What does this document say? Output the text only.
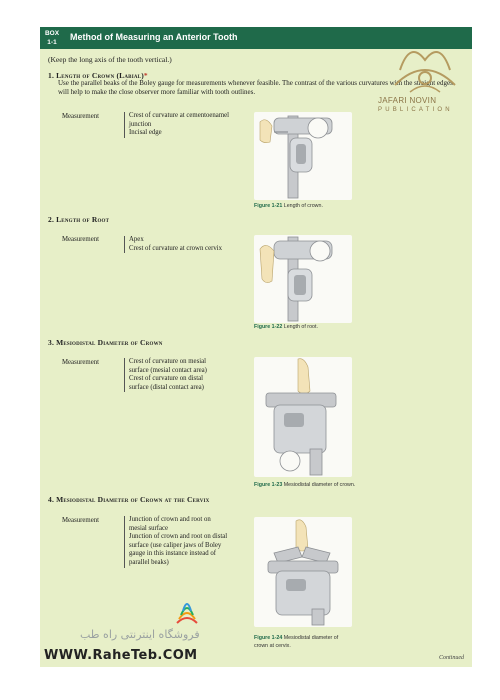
BOX
1-1
Method of Measuring an Anterior Tooth
(Keep the long axis of the tooth vertical.)
1. Length of Crown (Labial)*
Use the parallel beaks of the Boley gauge for measurements whenever feasible. The contrast of the various curvatures with the straight edges will help to make the close observer more familiar with tooth outlines.
Measurement	Crest of curvature at cementoenamel
junction
Incisal edge
Figure 1-21 Length of crown.
2. Length of Root
Measurement	Apex
Crest of curvature at crown cervix
Figure 1-22 Length of root.
3. Mesiodistal Diameter of Crown
Measurement	Crest of curvature on mesial
surface (mesial contact area)
Crest of curvature on distal
surface (distal contact area)
Figure 1-23 Mesiodistal diameter of crown.
4. Mesiodistal Diameter of Crown at the Cervix
Measurement	Junction of crown and root on
mesial surface
Junction of crown and root on distal
surface (use caliper jaws of Boley
gauge in this instance instead of
parallel beaks)
Figure 1-24 Mesiodistal diameter of
crown at cervix.
Continued
JAFARI NOVIN
PUBLICATION
فروشگاه اینترنتی راه طب
WWW.RaheTeb.COM
